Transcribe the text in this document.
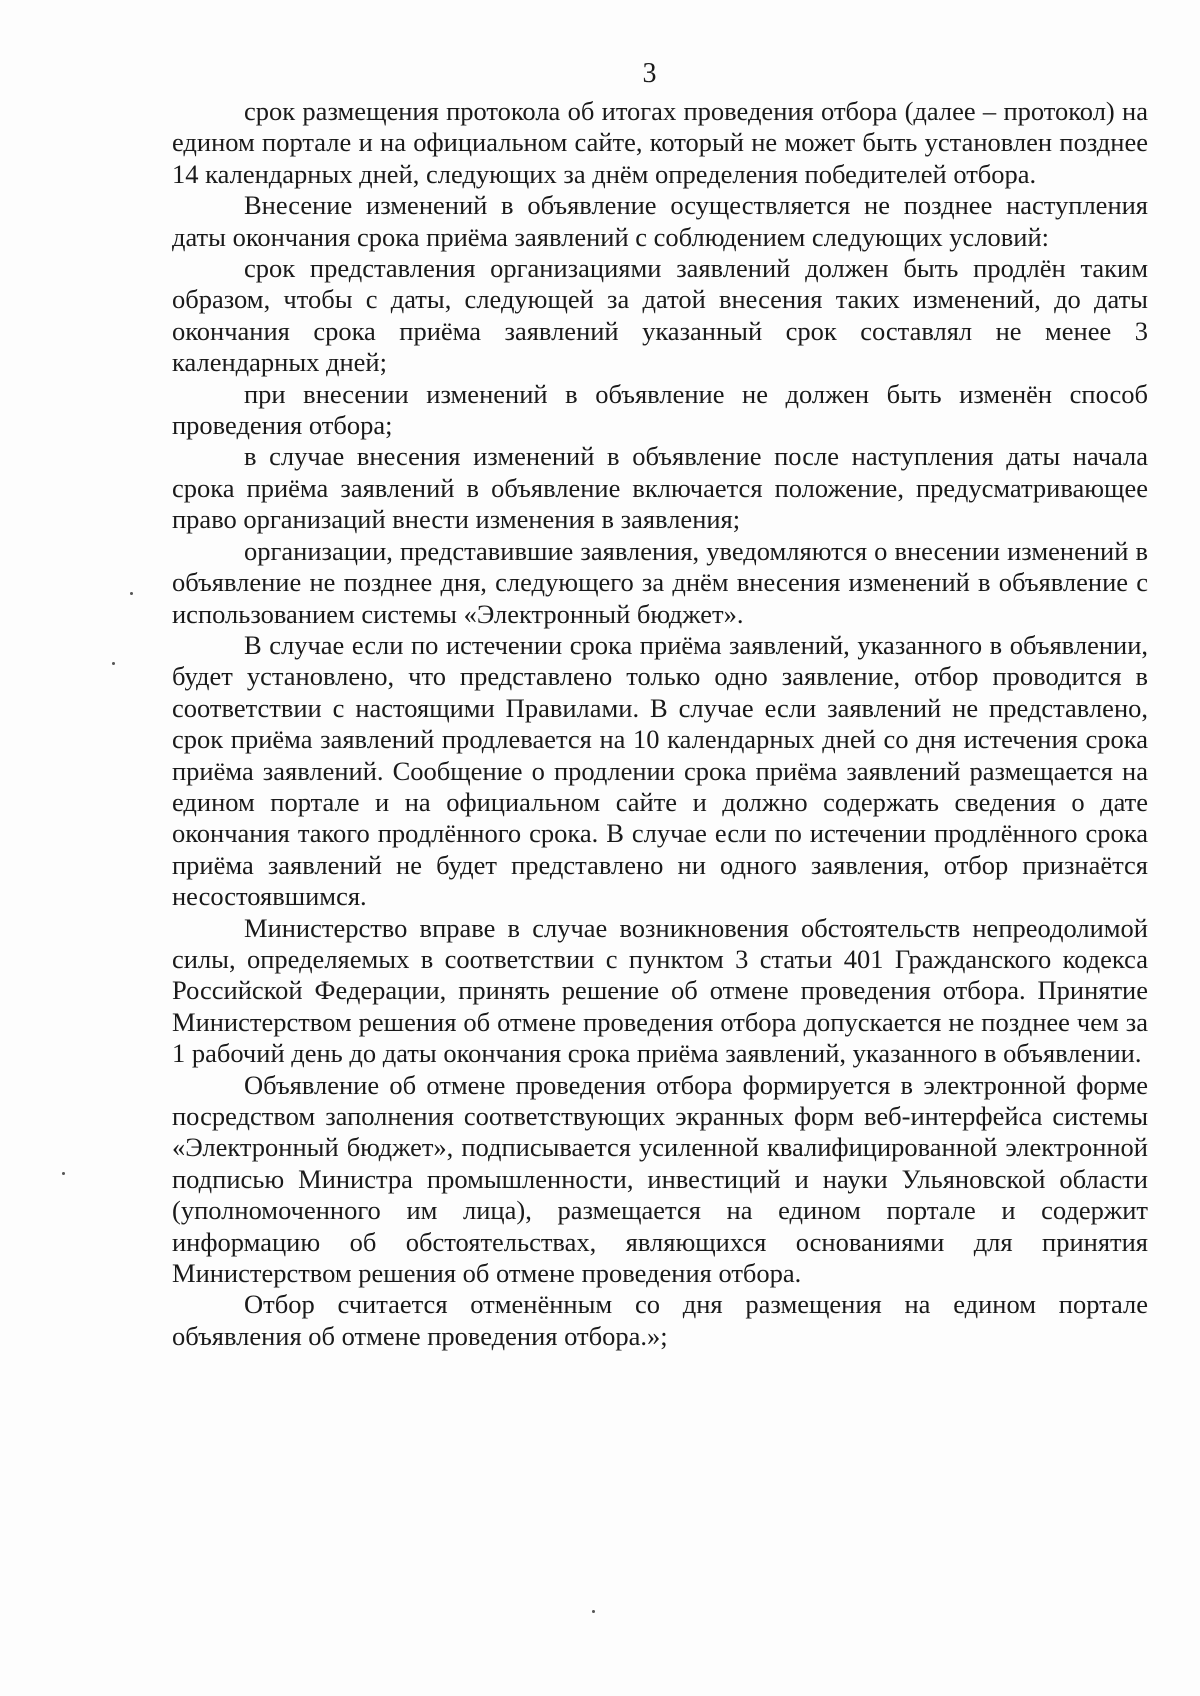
3

срок размещения протокола об итогах проведения отбора (далее – протокол) на едином портале и на официальном сайте, который не может быть установлен позднее 14 календарных дней, следующих за днём определения победителей отбора.

Внесение изменений в объявление осуществляется не позднее наступления даты окончания срока приёма заявлений с соблюдением следующих условий:

срок представления организациями заявлений должен быть продлён таким образом, чтобы с даты, следующей за датой внесения таких изменений, до даты окончания срока приёма заявлений указанный срок составлял не менее 3 календарных дней;

при внесении изменений в объявление не должен быть изменён способ проведения отбора;

в случае внесения изменений в объявление после наступления даты начала срока приёма заявлений в объявление включается положение, предусматривающее право организаций внести изменения в заявления;

организации, представившие заявления, уведомляются о внесении изменений в объявление не позднее дня, следующего за днём внесения изменений в объявление с использованием системы «Электронный бюджет».

В случае если по истечении срока приёма заявлений, указанного в объявлении, будет установлено, что представлено только одно заявление, отбор проводится в соответствии с настоящими Правилами. В случае если заявлений не представлено, срок приёма заявлений продлевается на 10 календарных дней со дня истечения срока приёма заявлений. Сообщение о продлении срока приёма заявлений размещается на едином портале и на официальном сайте и должно содержать сведения о дате окончания такого продлённого срока. В случае если по истечении продлённого срока приёма заявлений не будет представлено ни одного заявления, отбор признаётся несостоявшимся.

Министерство вправе в случае возникновения обстоятельств непреодолимой силы, определяемых в соответствии с пунктом 3 статьи 401 Гражданского кодекса Российской Федерации, принять решение об отмене проведения отбора. Принятие Министерством решения об отмене проведения отбора допускается не позднее чем за 1 рабочий день до даты окончания срока приёма заявлений, указанного в объявлении.

Объявление об отмене проведения отбора формируется в электронной форме посредством заполнения соответствующих экранных форм веб-интерфейса системы «Электронный бюджет», подписывается усиленной квалифицированной электронной подписью Министра промышленности, инвестиций и науки Ульяновской области (уполномоченного им лица), размещается на едином портале и содержит информацию об обстоятельствах, являющихся основаниями для принятия Министерством решения об отмене проведения отбора.

Отбор считается отменённым со дня размещения на едином портале объявления об отмене проведения отбора.»;
